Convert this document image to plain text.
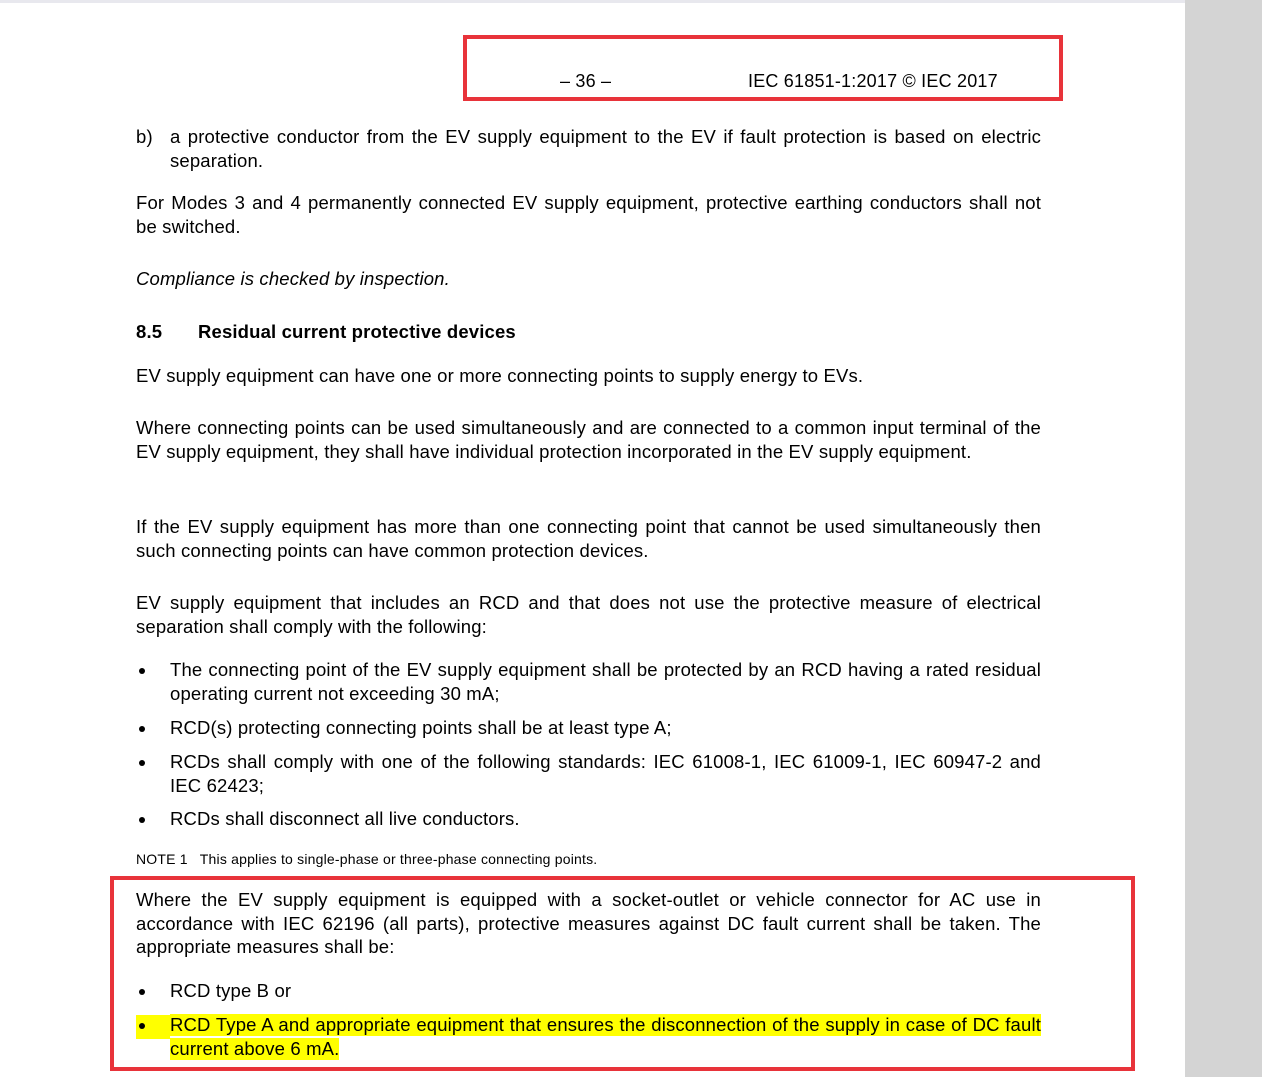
– 36 –	IEC 61851-1:2017 © IEC 2017
b) a protective conductor from the EV supply equipment to the EV if fault protection is based on electric separation.
For Modes 3 and 4 permanently connected EV supply equipment, protective earthing conductors shall not be switched.
Compliance is checked by inspection.
8.5 Residual current protective devices
EV supply equipment can have one or more connecting points to supply energy to EVs.
Where connecting points can be used simultaneously and are connected to a common input terminal of the EV supply equipment, they shall have individual protection incorporated in the EV supply equipment.
If the EV supply equipment has more than one connecting point that cannot be used simultaneously then such connecting points can have common protection devices.
EV supply equipment that includes an RCD and that does not use the protective measure of electrical separation shall comply with the following:
The connecting point of the EV supply equipment shall be protected by an RCD having a rated residual operating current not exceeding 30 mA;
RCD(s) protecting connecting points shall be at least type A;
RCDs shall comply with one of the following standards: IEC 61008-1, IEC 61009-1, IEC 60947-2 and IEC 62423;
RCDs shall disconnect all live conductors.
NOTE 1 This applies to single-phase or three-phase connecting points.
Where the EV supply equipment is equipped with a socket-outlet or vehicle connector for AC use in accordance with IEC 62196 (all parts), protective measures against DC fault current shall be taken. The appropriate measures shall be:
RCD type B or
RCD Type A and appropriate equipment that ensures the disconnection of the supply in case of DC fault current above 6 mA.
